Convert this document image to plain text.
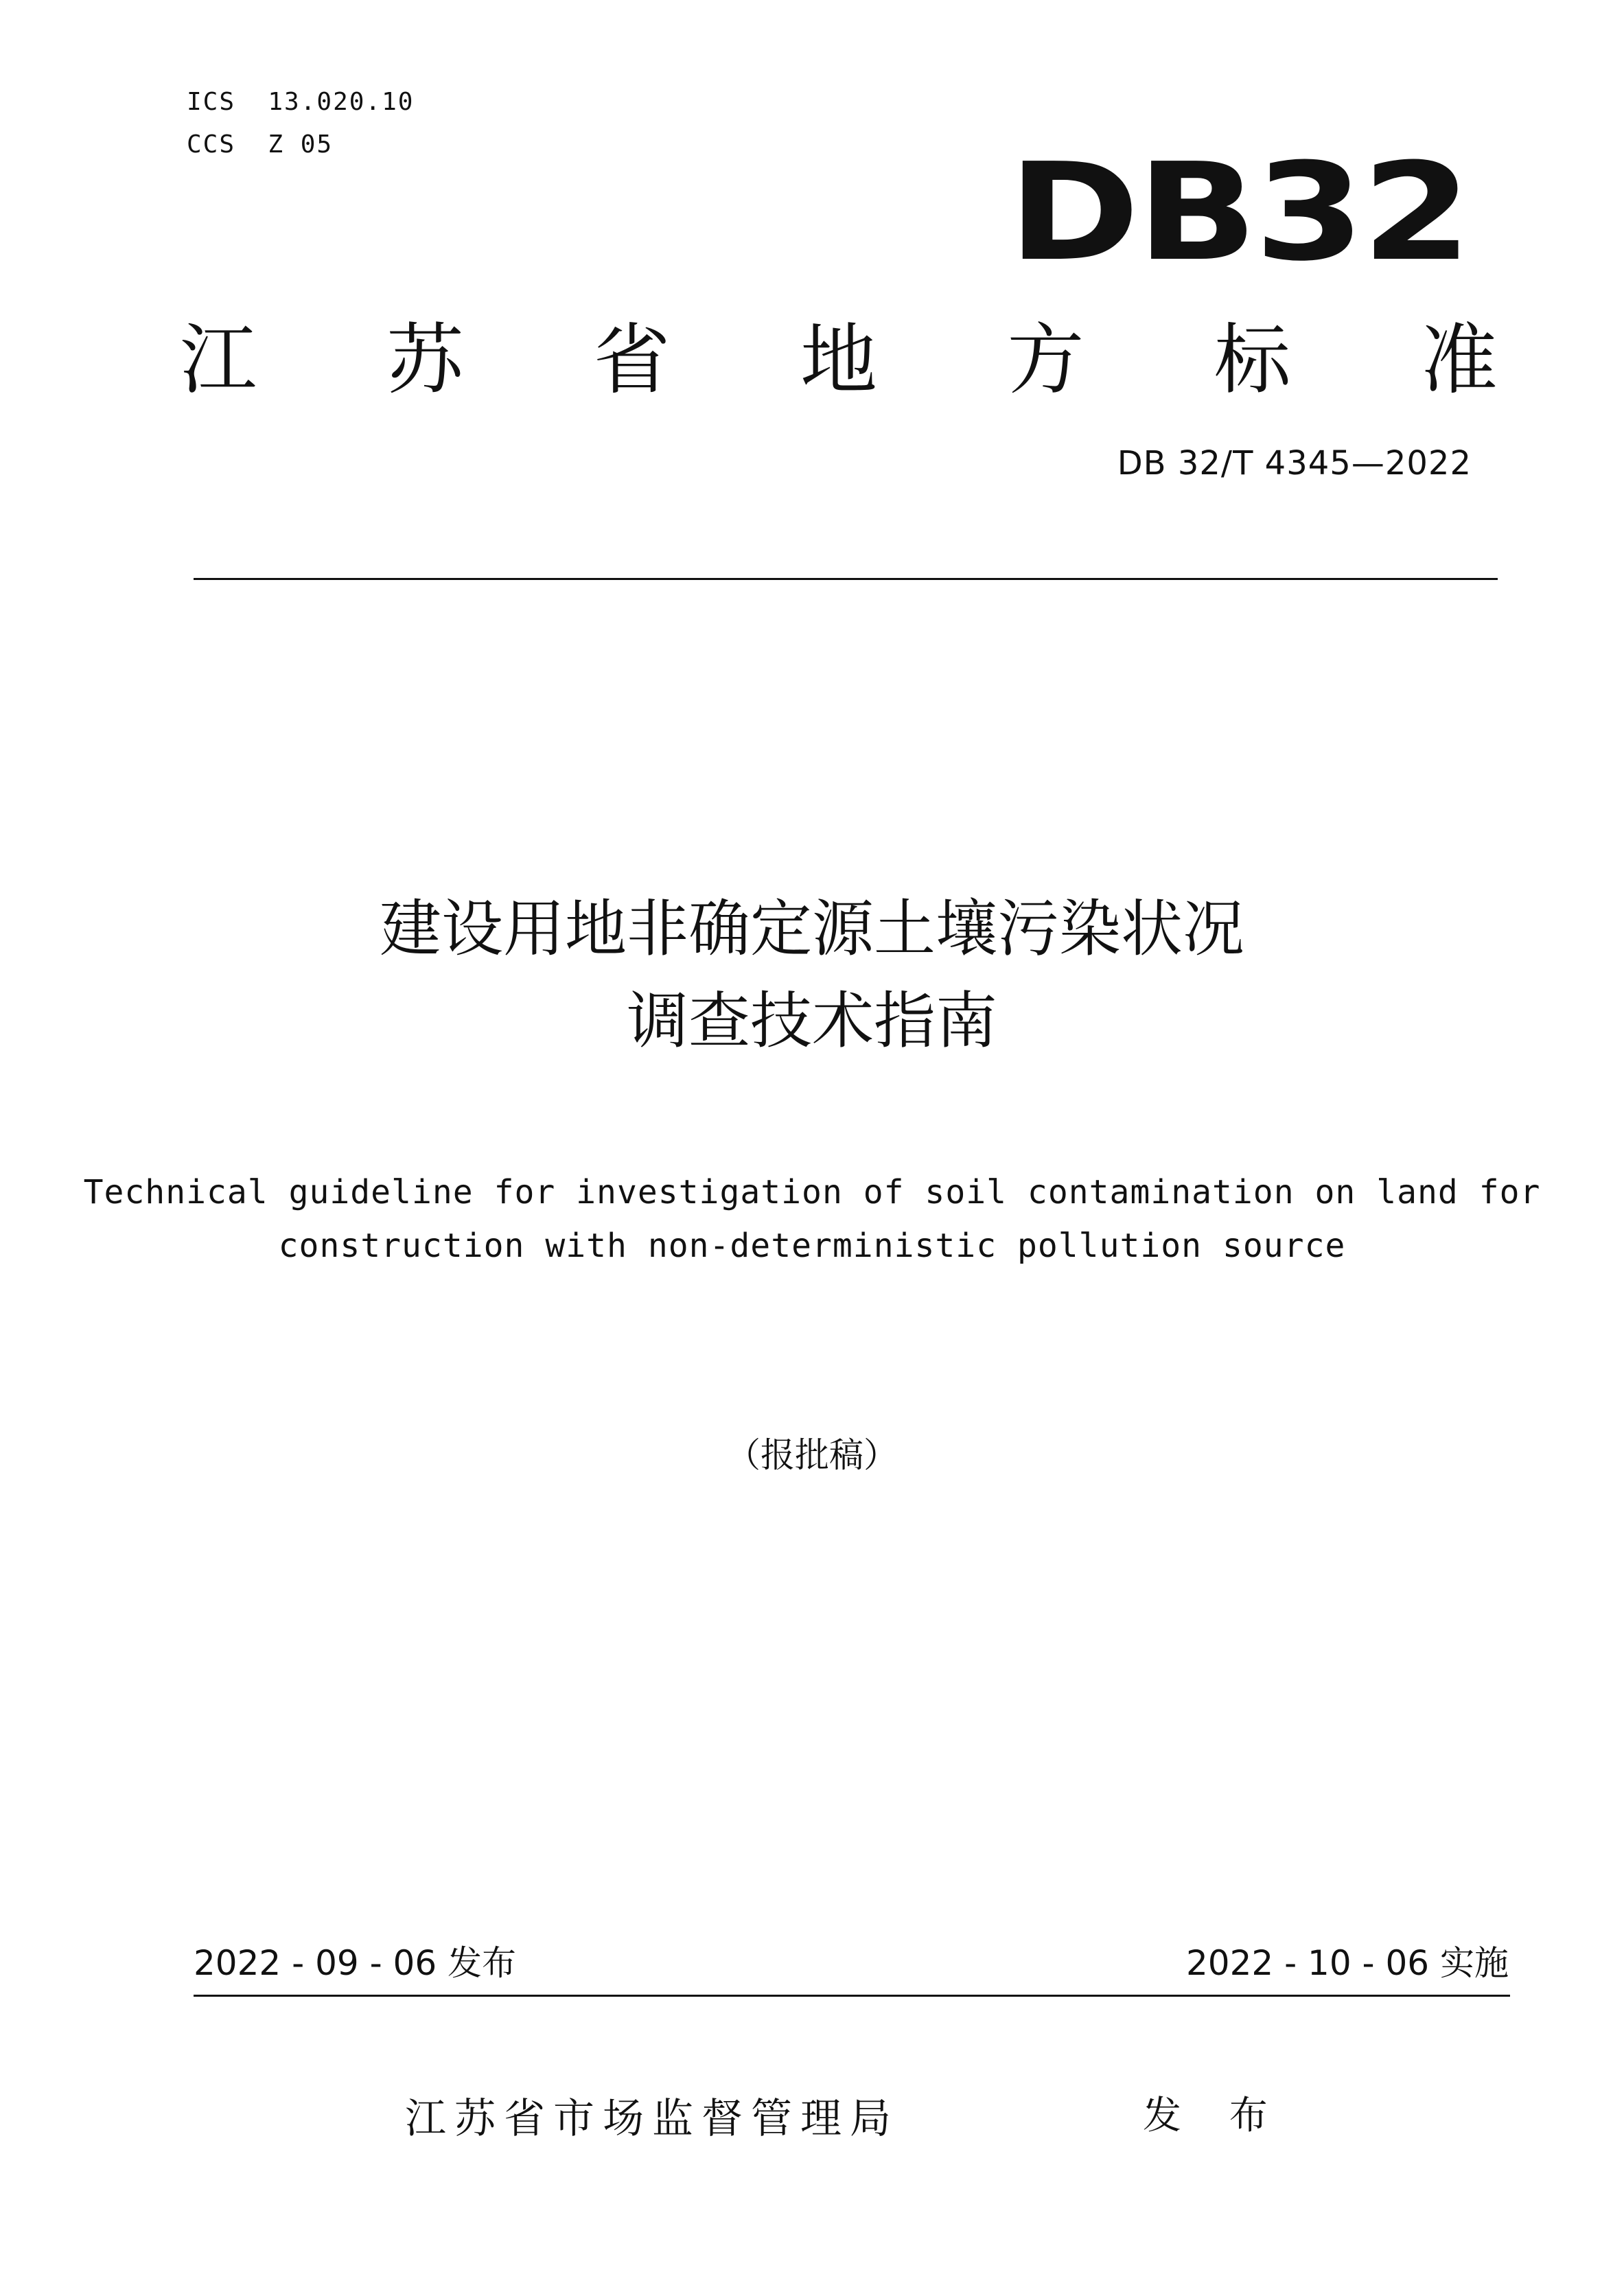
ICS  13.020.10
CCS  Z 05	DB32
江 苏 省 地 方 标 准
DB 32/T 4345—2022
建设用地非确定源土壤污染状况
调查技术指南
Technical guideline for investigation of soil contamination on land for
construction with non-deterministic pollution source
（报批稿）
2022 - 09 - 06 发布	2022 - 10 - 06 实施
江苏省市场监督管理局	发 布
